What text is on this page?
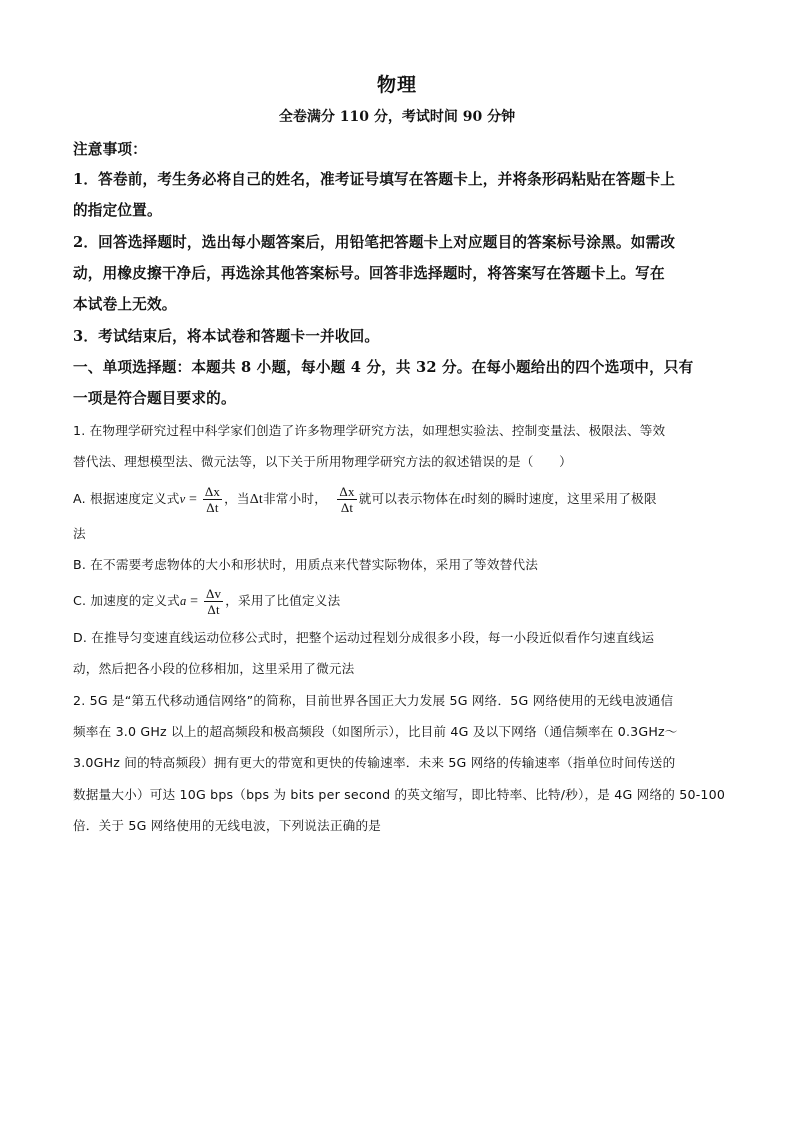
物理
全卷满分 110 分，考试时间 90 分钟
注意事项：
1．答卷前，考生务必将自己的姓名，准考证号填写在答题卡上，并将条形码粘贴在答题卡上
的指定位置。
2．回答选择题时，选出每小题答案后，用铅笔把答题卡上对应题目的答案标号涂黑。如需改
动，用橡皮擦干净后，再选涂其他答案标号。回答非选择题时，将答案写在答题卡上。写在
本试卷上无效。
3．考试结束后，将本试卷和答题卡一并收回。
一、单项选择题：本题共 8 小题，每小题 4 分，共 32 分。在每小题给出的四个选项中，只有
一项是符合题目要求的。
1. 在物理学研究过程中科学家们创造了许多物理学研究方法，如理想实验法、控制变量法、极限法、等效
替代法、理想模型法、微元法等，以下关于所用物理学研究方法的叙述错误的是（　　）
A. 根据速度定义式$v = \frac{\Delta x}{\Delta t}$ ，当Δt非常小时， $\frac{\Delta x}{\Delta t}$ 就可以表示物体在t时刻的瞬时速度，这里采用了极限
法
B. 在不需要考虑物体的大小和形状时，用质点来代替实际物体，采用了等效替代法
C. 加速度的定义式$a = \frac{\Delta v}{\Delta t}$ ，采用了比值定义法
D. 在推导匀变速直线运动位移公式时，把整个运动过程划分成很多小段，每一小段近似看作匀速直线运
动，然后把各小段的位移相加，这里采用了微元法
2. 5G 是“第五代移动通信网络”的简称，目前世界各国正大力发展 5G 网络．5G 网络使用的无线电波通信
频率在 3.0 GHz 以上的超高频段和极高频段（如图所示），比目前 4G 及以下网络（通信频率在 0.3GHz～
3.0GHz 间的特高频段）拥有更大的带宽和更快的传输速率．未来 5G 网络的传输速率（指单位时间传送的
数据量大小）可达 10G bps（bps 为 bits per second 的英文缩写，即比特率、比特/秒），是 4G 网络的 50-100
倍．关于 5G 网络使用的无线电波，下列说法正确的是
